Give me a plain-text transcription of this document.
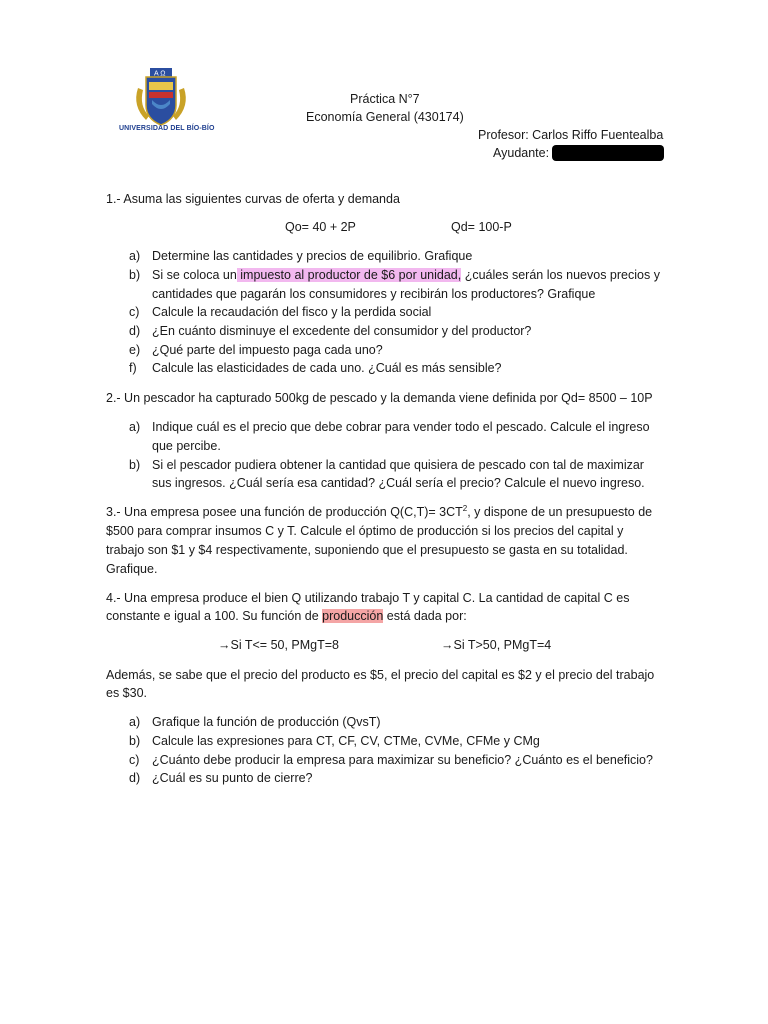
A Ω
UNIVERSIDAD DEL BÍO-BÍO
Práctica N°7
Economía General (430174)
Profesor: Carlos Riffo Fuentealba
Ayudante:
1.- Asuma las siguientes curvas de oferta y demanda
Qo= 40 + 2P	Qd= 100-P
a) Determine las cantidades y precios de equilibrio. Grafique
b) Si se coloca un impuesto al productor de $6 por unidad, ¿cuáles serán los nuevos precios y
cantidades que pagarán los consumidores y recibirán los productores? Grafique
c) Calcule la recaudación del fisco y la perdida social
d) ¿En cuánto disminuye el excedente del consumidor y del productor?
e) ¿Qué parte del impuesto paga cada uno?
f) Calcule las elasticidades de cada uno. ¿Cuál es más sensible?
2.- Un pescador ha capturado 500kg de pescado y la demanda viene definida por Qd= 8500 – 10P
a) Indique cuál es el precio que debe cobrar para vender todo el pescado. Calcule el ingreso
que percibe.
b) Si el pescador pudiera obtener la cantidad que quisiera de pescado con tal de maximizar
sus ingresos. ¿Cuál sería esa cantidad? ¿Cuál sería el precio? Calcule el nuevo ingreso.
3.- Una empresa posee una función de producción $Q(C,T)= 3CT^2$, y dispone de un presupuesto de
$500 para comprar insumos C y T. Calcule el óptimo de producción si los precios del capital y
trabajo son $1 y $4 respectivamente, suponiendo que el presupuesto se gasta en su totalidad.
Grafique.
4.- Una empresa produce el bien Q utilizando trabajo T y capital C. La cantidad de capital C es
constante e igual a 100. Su función de producción está dada por:
→Si T<= 50, PMgT=8	→Si T>50, PMgT=4
Además, se sabe que el precio del producto es $5, el precio del capital es $2 y el precio del trabajo
es $30.
a) Grafique la función de producción (QvsT)
b) Calcule las expresiones para CT, CF, CV, CTMe, CVMe, CFMe y CMg
c) ¿Cuánto debe producir la empresa para maximizar su beneficio? ¿Cuánto es el beneficio?
d) ¿Cuál es su punto de cierre?
